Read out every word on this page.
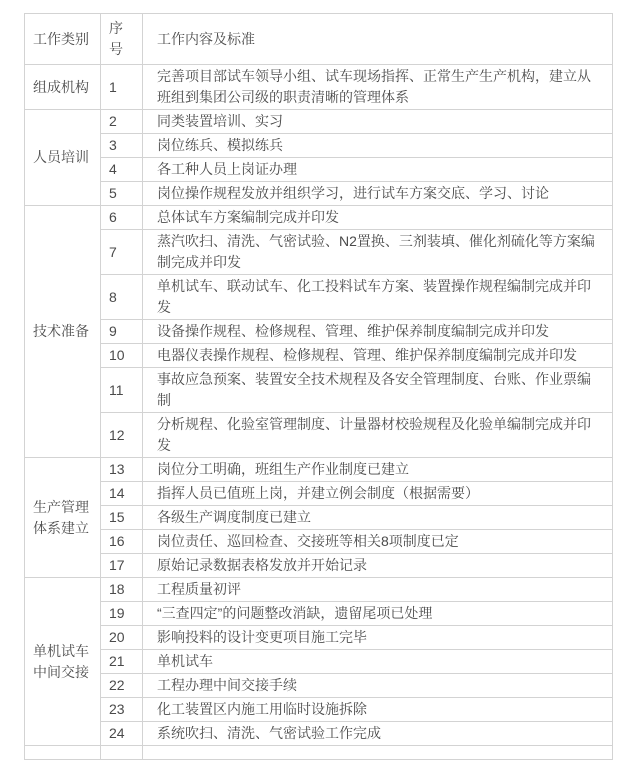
工作类别	序号	工作内容及标准
组成机构	1	完善项目部试车领导小组、试车现场指挥、正常生产生产机构，建立从班组到集团公司级的职责清晰的管理体系
人员培训	2	同类装置培训、实习
	3	岗位练兵、模拟练兵
	4	各工种人员上岗证办理
	5	岗位操作规程发放并组织学习，进行试车方案交底、学习、讨论
技术准备	6	总体试车方案编制完成并印发
	7	蒸汽吹扫、清洗、气密试验、N2置换、三剂装填、催化剂硫化等方案编制完成并印发
	8	单机试车、联动试车、化工投料试车方案、装置操作规程编制完成并印发
	9	设备操作规程、检修规程、管理、维护保养制度编制完成并印发
	10	电器仪表操作规程、检修规程、管理、维护保养制度编制完成并印发
	11	事故应急预案、装置安全技术规程及各安全管理制度、台账、作业票编制
	12	分析规程、化验室管理制度、计量器材校验规程及化验单编制完成并印发
生产管理体系建立	13	岗位分工明确，班组生产作业制度已建立
	14	指挥人员已值班上岗，并建立例会制度（根据需要）
	15	各级生产调度制度已建立
	16	岗位责任、巡回检查、交接班等相关8项制度已定
	17	原始记录数据表格发放并开始记录
单机试车中间交接	18	工程质量初评
	19	“三查四定”的问题整改消缺，遗留尾项已处理
	20	影响投料的设计变更项目施工完毕
	21	单机试车
	22	工程办理中间交接手续
	23	化工装置区内施工用临时设施拆除
	24	系统吹扫、清洗、气密试验工作完成
